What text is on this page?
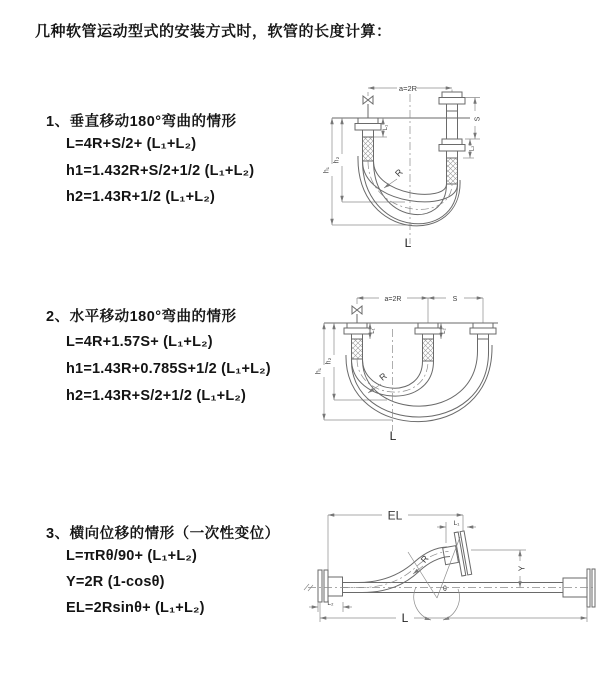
几种软管运动型式的安装方式时，软管的长度计算：
1、垂直移动180°弯曲的情形
L=4R+S/2+ (L₁+L₂)
h1=1.432R+S/2+1/2 (L₁+L₂)
h2=1.43R+1/2 (L₁+L₂)
2、水平移动180°弯曲的情形
L=4R+1.57S+ (L₁+L₂)
h1=1.43R+0.785S+1/2 (L₁+L₂)
h2=1.43R+S/2+1/2 (L₁+L₂)
3、横向位移的情形（一次性变位）
L=πRθ/90+ (L₁+L₂)
Y=2R (1-cosθ)
EL=2Rsinθ+ (L₁+L₂)
a=2R
S
L₂
L₁
h₁
h₂
R
L
a=2R	S
L₁	L₂
h₁
h₂
R
L
EL
L₁
Y
θ
R
L
L₂
